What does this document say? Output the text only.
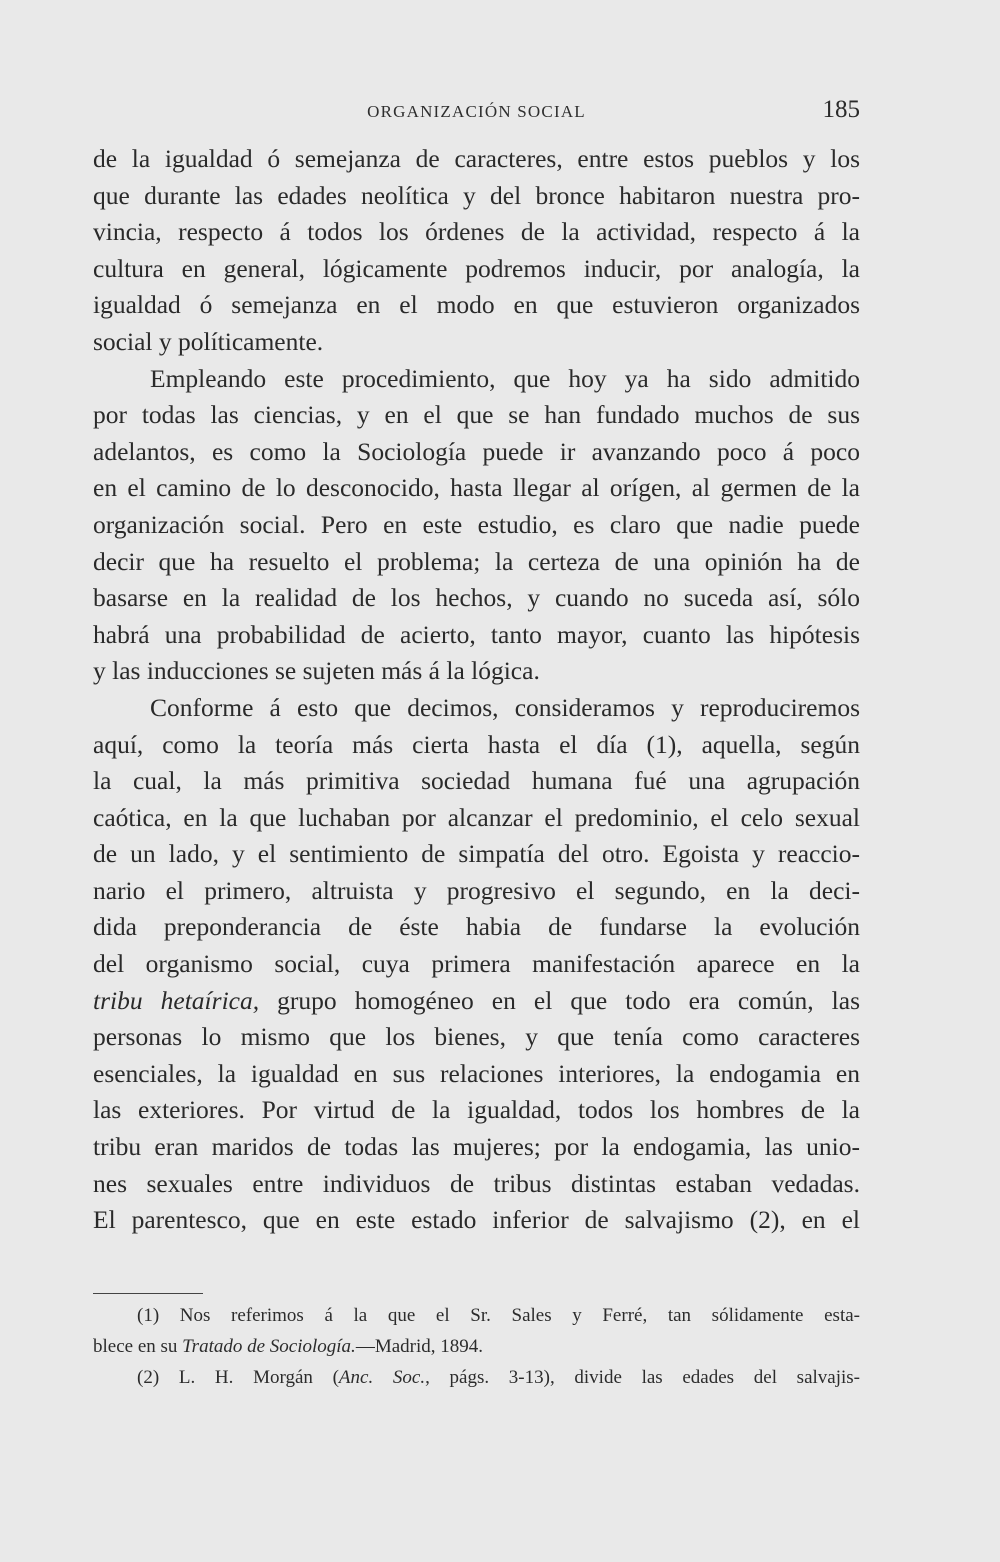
ORGANIZACIÓN SOCIAL	185
de la igualdad ó semejanza de caracteres, entre estos pueblos y los
que durante las edades neolítica y del bronce habitaron nuestra pro-
vincia, respecto á todos los órdenes de la actividad, respecto á la
cultura en general, lógicamente podremos inducir, por analogía, la
igualdad ó semejanza en el modo en que estuvieron organizados
social y políticamente.
Empleando este procedimiento, que hoy ya ha sido admitido
por todas las ciencias, y en el que se han fundado muchos de sus
adelantos, es como la Sociología puede ir avanzando poco á poco
en el camino de lo desconocido, hasta llegar al orígen, al germen de la
organización social. Pero en este estudio, es claro que nadie puede
decir que ha resuelto el problema; la certeza de una opinión ha de
basarse en la realidad de los hechos, y cuando no suceda así, sólo
habrá una probabilidad de acierto, tanto mayor, cuanto las hipótesis
y las inducciones se sujeten más á la lógica.
Conforme á esto que decimos, consideramos y reproduciremos
aquí, como la teoría más cierta hasta el día (1), aquella, según
la cual, la más primitiva sociedad humana fué una agrupación
caótica, en la que luchaban por alcanzar el predominio, el celo sexual
de un lado, y el sentimiento de simpatía del otro. Egoista y reaccio-
nario el primero, altruista y progresivo el segundo, en la deci-
dida preponderancia de éste habia de fundarse la evolución
del organismo social, cuya primera manifestación aparece en la
tribu hetaírica, grupo homogéneo en el que todo era común, las
personas lo mismo que los bienes, y que tenía como caracteres
esenciales, la igualdad en sus relaciones interiores, la endogamia en
las exteriores. Por virtud de la igualdad, todos los hombres de la
tribu eran maridos de todas las mujeres; por la endogamia, las unio-
nes sexuales entre individuos de tribus distintas estaban vedadas.
El parentesco, que en este estado inferior de salvajismo (2), en el
(1) Nos referimos á la que el Sr. Sales y Ferré, tan sólidamente esta-
blece en su Tratado de Sociología.—Madrid, 1894.
(2) L. H. Morgán (Anc. Soc., págs. 3-13), divide las edades del salvajis-
